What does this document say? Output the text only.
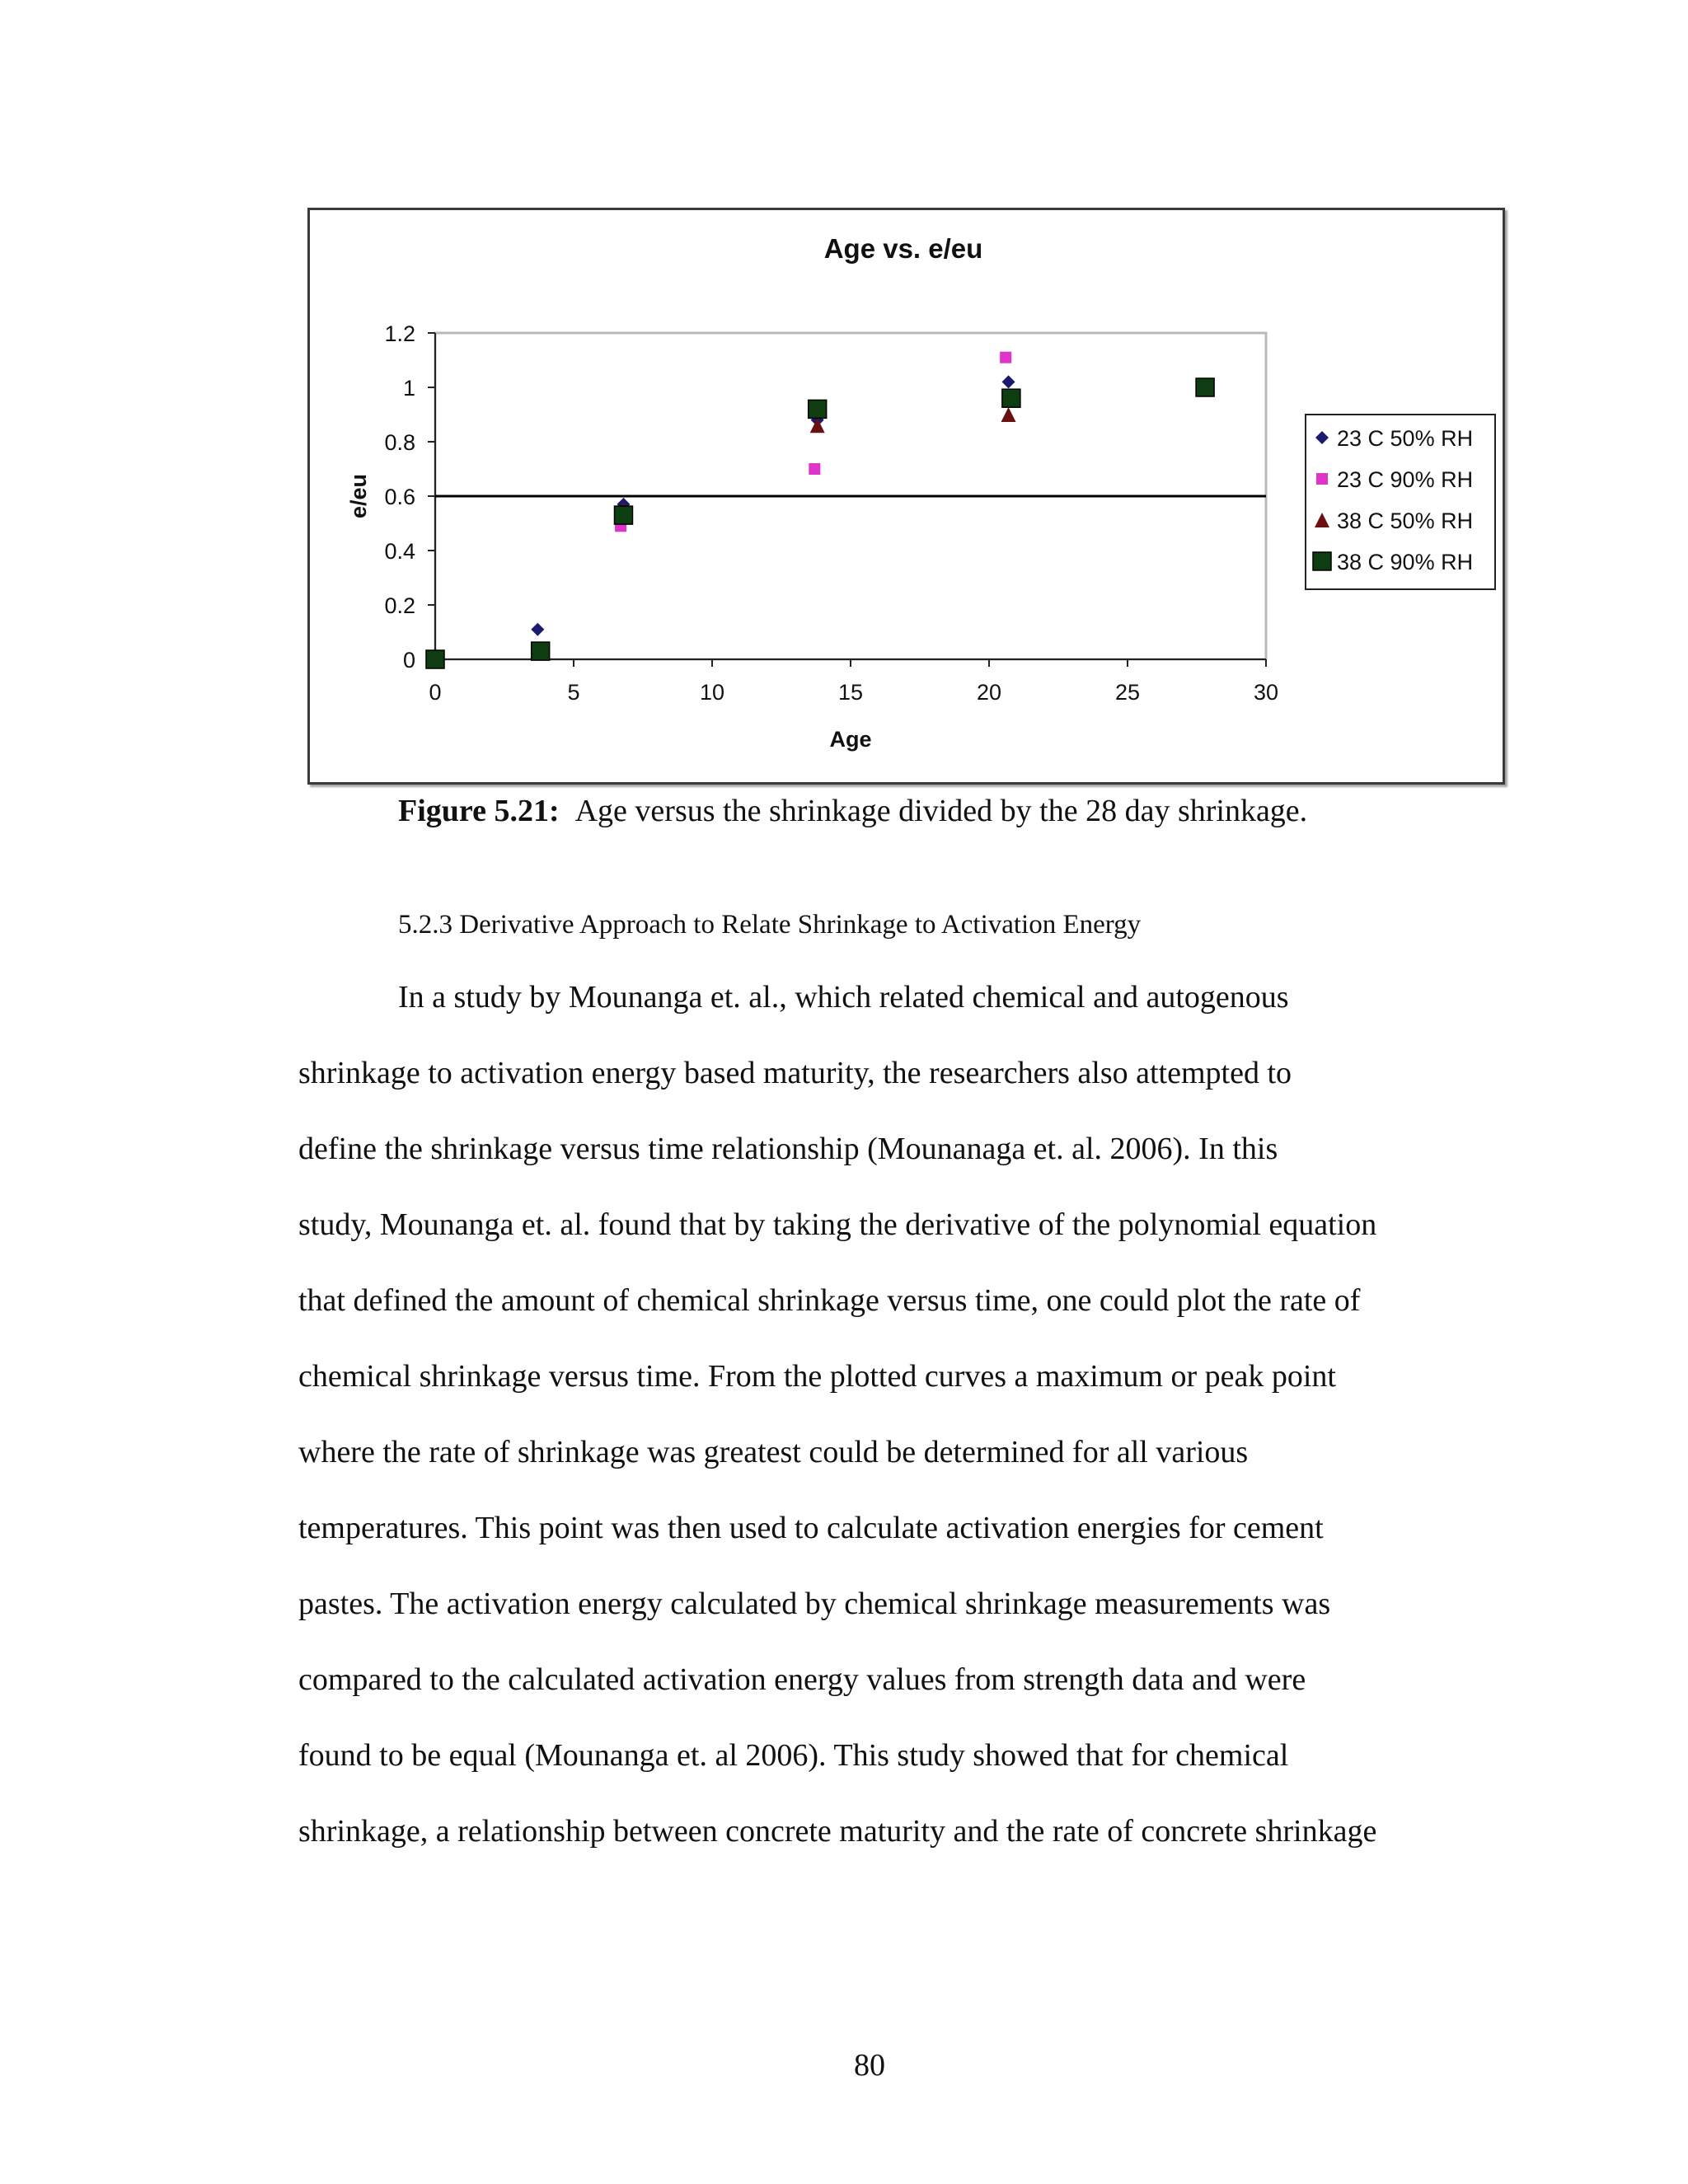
Age vs. e/eu
0
0.2
0.4
0.6
0.8
1
1.2
0	5	10	15	20	25	30
Age
e/eu
23 C 50% RH
23 C 90% RH
38 C 50% RH
38 C 90% RH
Figure 5.21: Age versus the shrinkage divided by the 28 day shrinkage.
5.2.3 Derivative Approach to Relate Shrinkage to Activation Energy
In a study by Mounanga et. al., which related chemical and autogenous
shrinkage to activation energy based maturity, the researchers also attempted to
define the shrinkage versus time relationship (Mounanaga et. al. 2006). In this
study, Mounanga et. al. found that by taking the derivative of the polynomial equation
that defined the amount of chemical shrinkage versus time, one could plot the rate of
chemical shrinkage versus time. From the plotted curves a maximum or peak point
where the rate of shrinkage was greatest could be determined for all various
temperatures. This point was then used to calculate activation energies for cement
pastes. The activation energy calculated by chemical shrinkage measurements was
compared to the calculated activation energy values from strength data and were
found to be equal (Mounanga et. al 2006). This study showed that for chemical
shrinkage, a relationship between concrete maturity and the rate of concrete shrinkage
80
